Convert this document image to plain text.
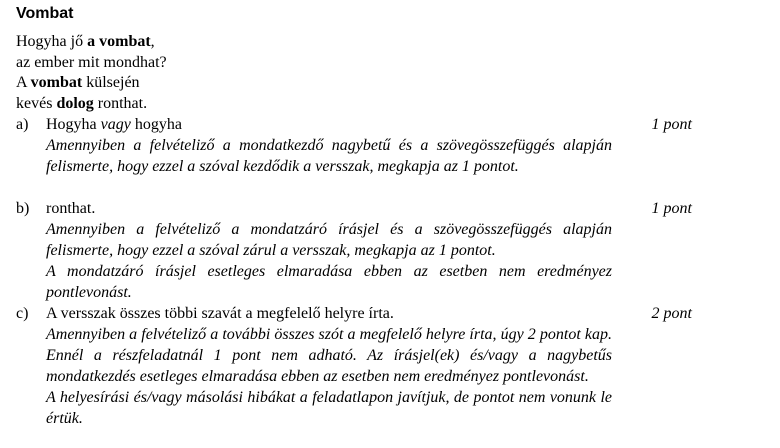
Vombat
Hogyha jő a vombat,
az ember mit mondhat?
A vombat külsején
kevés dolog ronthat.
a) Hogyha vagy hogyha	1 pont

Amennyiben a felvételiző a mondatkezdő nagybetű és a szövegösszefüggés alapján felismerte, hogy ezzel a szóval kezdődik a versszak, megkapja az 1 pontot.

b) ronthat.	1 pont

Amennyiben a felvételiző a mondatzáró írásjel és a szövegösszefüggés alapján felismerte, hogy ezzel a szóval zárul a versszak, megkapja az 1 pontot.

A mondatzáró írásjel esetleges elmaradása ebben az esetben nem eredményez pontlevonást.

c) A versszak összes többi szavát a megfelelő helyre írta.	2 pont

Amennyiben a felvételiző a további összes szót a megfelelő helyre írta, úgy 2 pontot kap. Ennél a részfeladatnál 1 pont nem adható. Az írásjel(ek) és/vagy a nagybetűs mondatkezdés esetleges elmaradása ebben az esetben nem eredményez pontlevonást.

A helyesírási és/vagy másolási hibákat a feladatlapon javítjuk, de pontot nem vonunk le értük.
